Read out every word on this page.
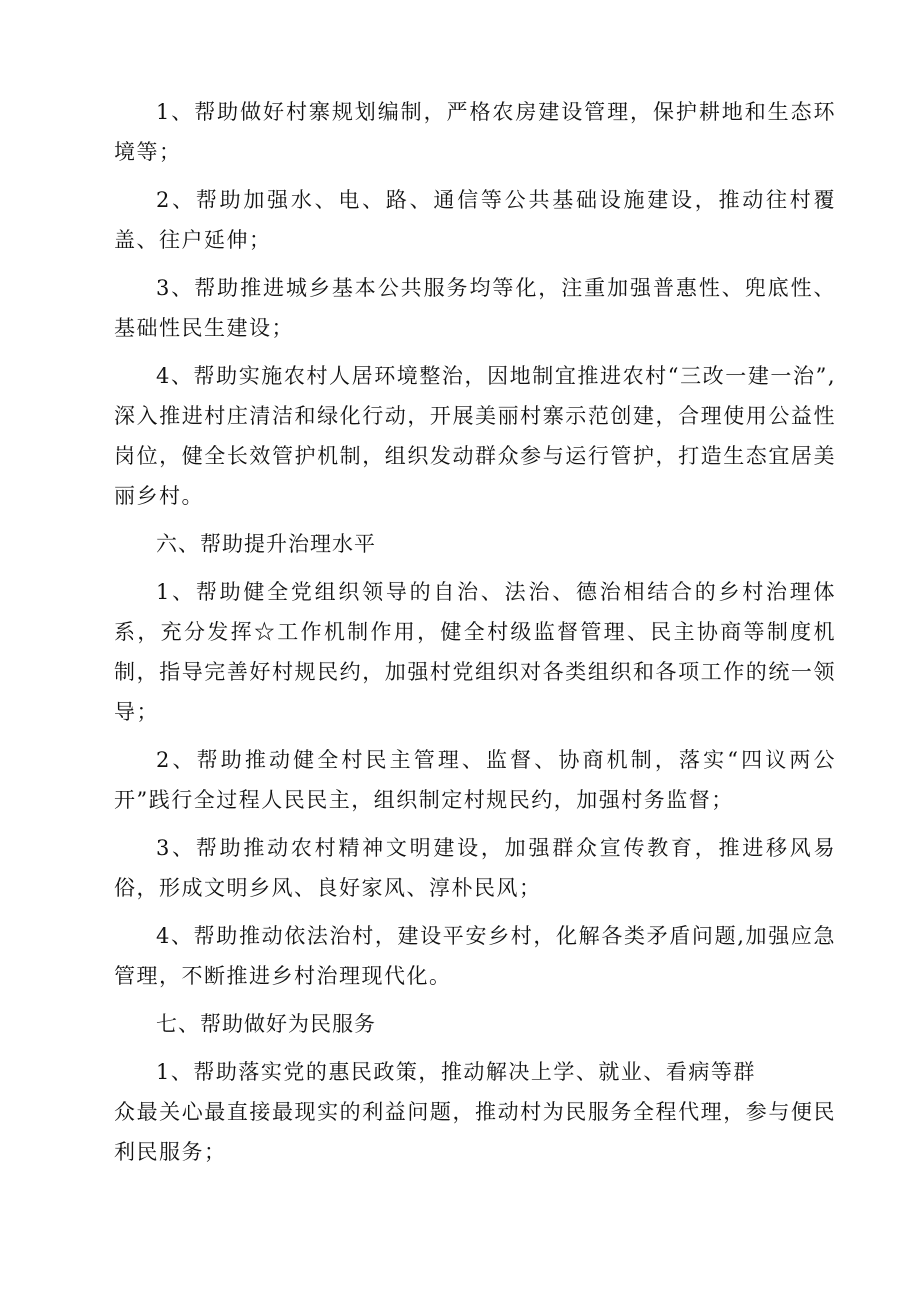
1、帮助做好村寨规划编制，严格农房建设管理，保护耕地和生态环境等；

2、帮助加强水、电、路、通信等公共基础设施建设，推动往村覆盖、往户延伸；

3、帮助推进城乡基本公共服务均等化，注重加强普惠性、兜底性、基础性民生建设；

4、帮助实施农村人居环境整治，因地制宜推进农村“三改一建一治”,深入推进村庄清洁和绿化行动，开展美丽村寨示范创建，合理使用公益性岗位，健全长效管护机制，组织发动群众参与运行管护，打造生态宜居美丽乡村。

六、帮助提升治理水平

1、帮助健全党组织领导的自治、法治、德治相结合的乡村治理体系，充分发挥☆工作机制作用，健全村级监督管理、民主协商等制度机制，指导完善好村规民约，加强村党组织对各类组织和各项工作的统一领导；

2、帮助推动健全村民主管理、监督、协商机制，落实“四议两公开”践行全过程人民民主，组织制定村规民约，加强村务监督；

3、帮助推动农村精神文明建设，加强群众宣传教育，推进移风易俗，形成文明乡风、良好家风、淳朴民风；

4、帮助推动依法治村，建设平安乡村，化解各类矛盾问题,加强应急管理，不断推进乡村治理现代化。

七、帮助做好为民服务

1、帮助落实党的惠民政策，推动解决上学、就业、看病等群
众最关心最直接最现实的利益问题，推动村为民服务全程代理，参与便民利民服务；
